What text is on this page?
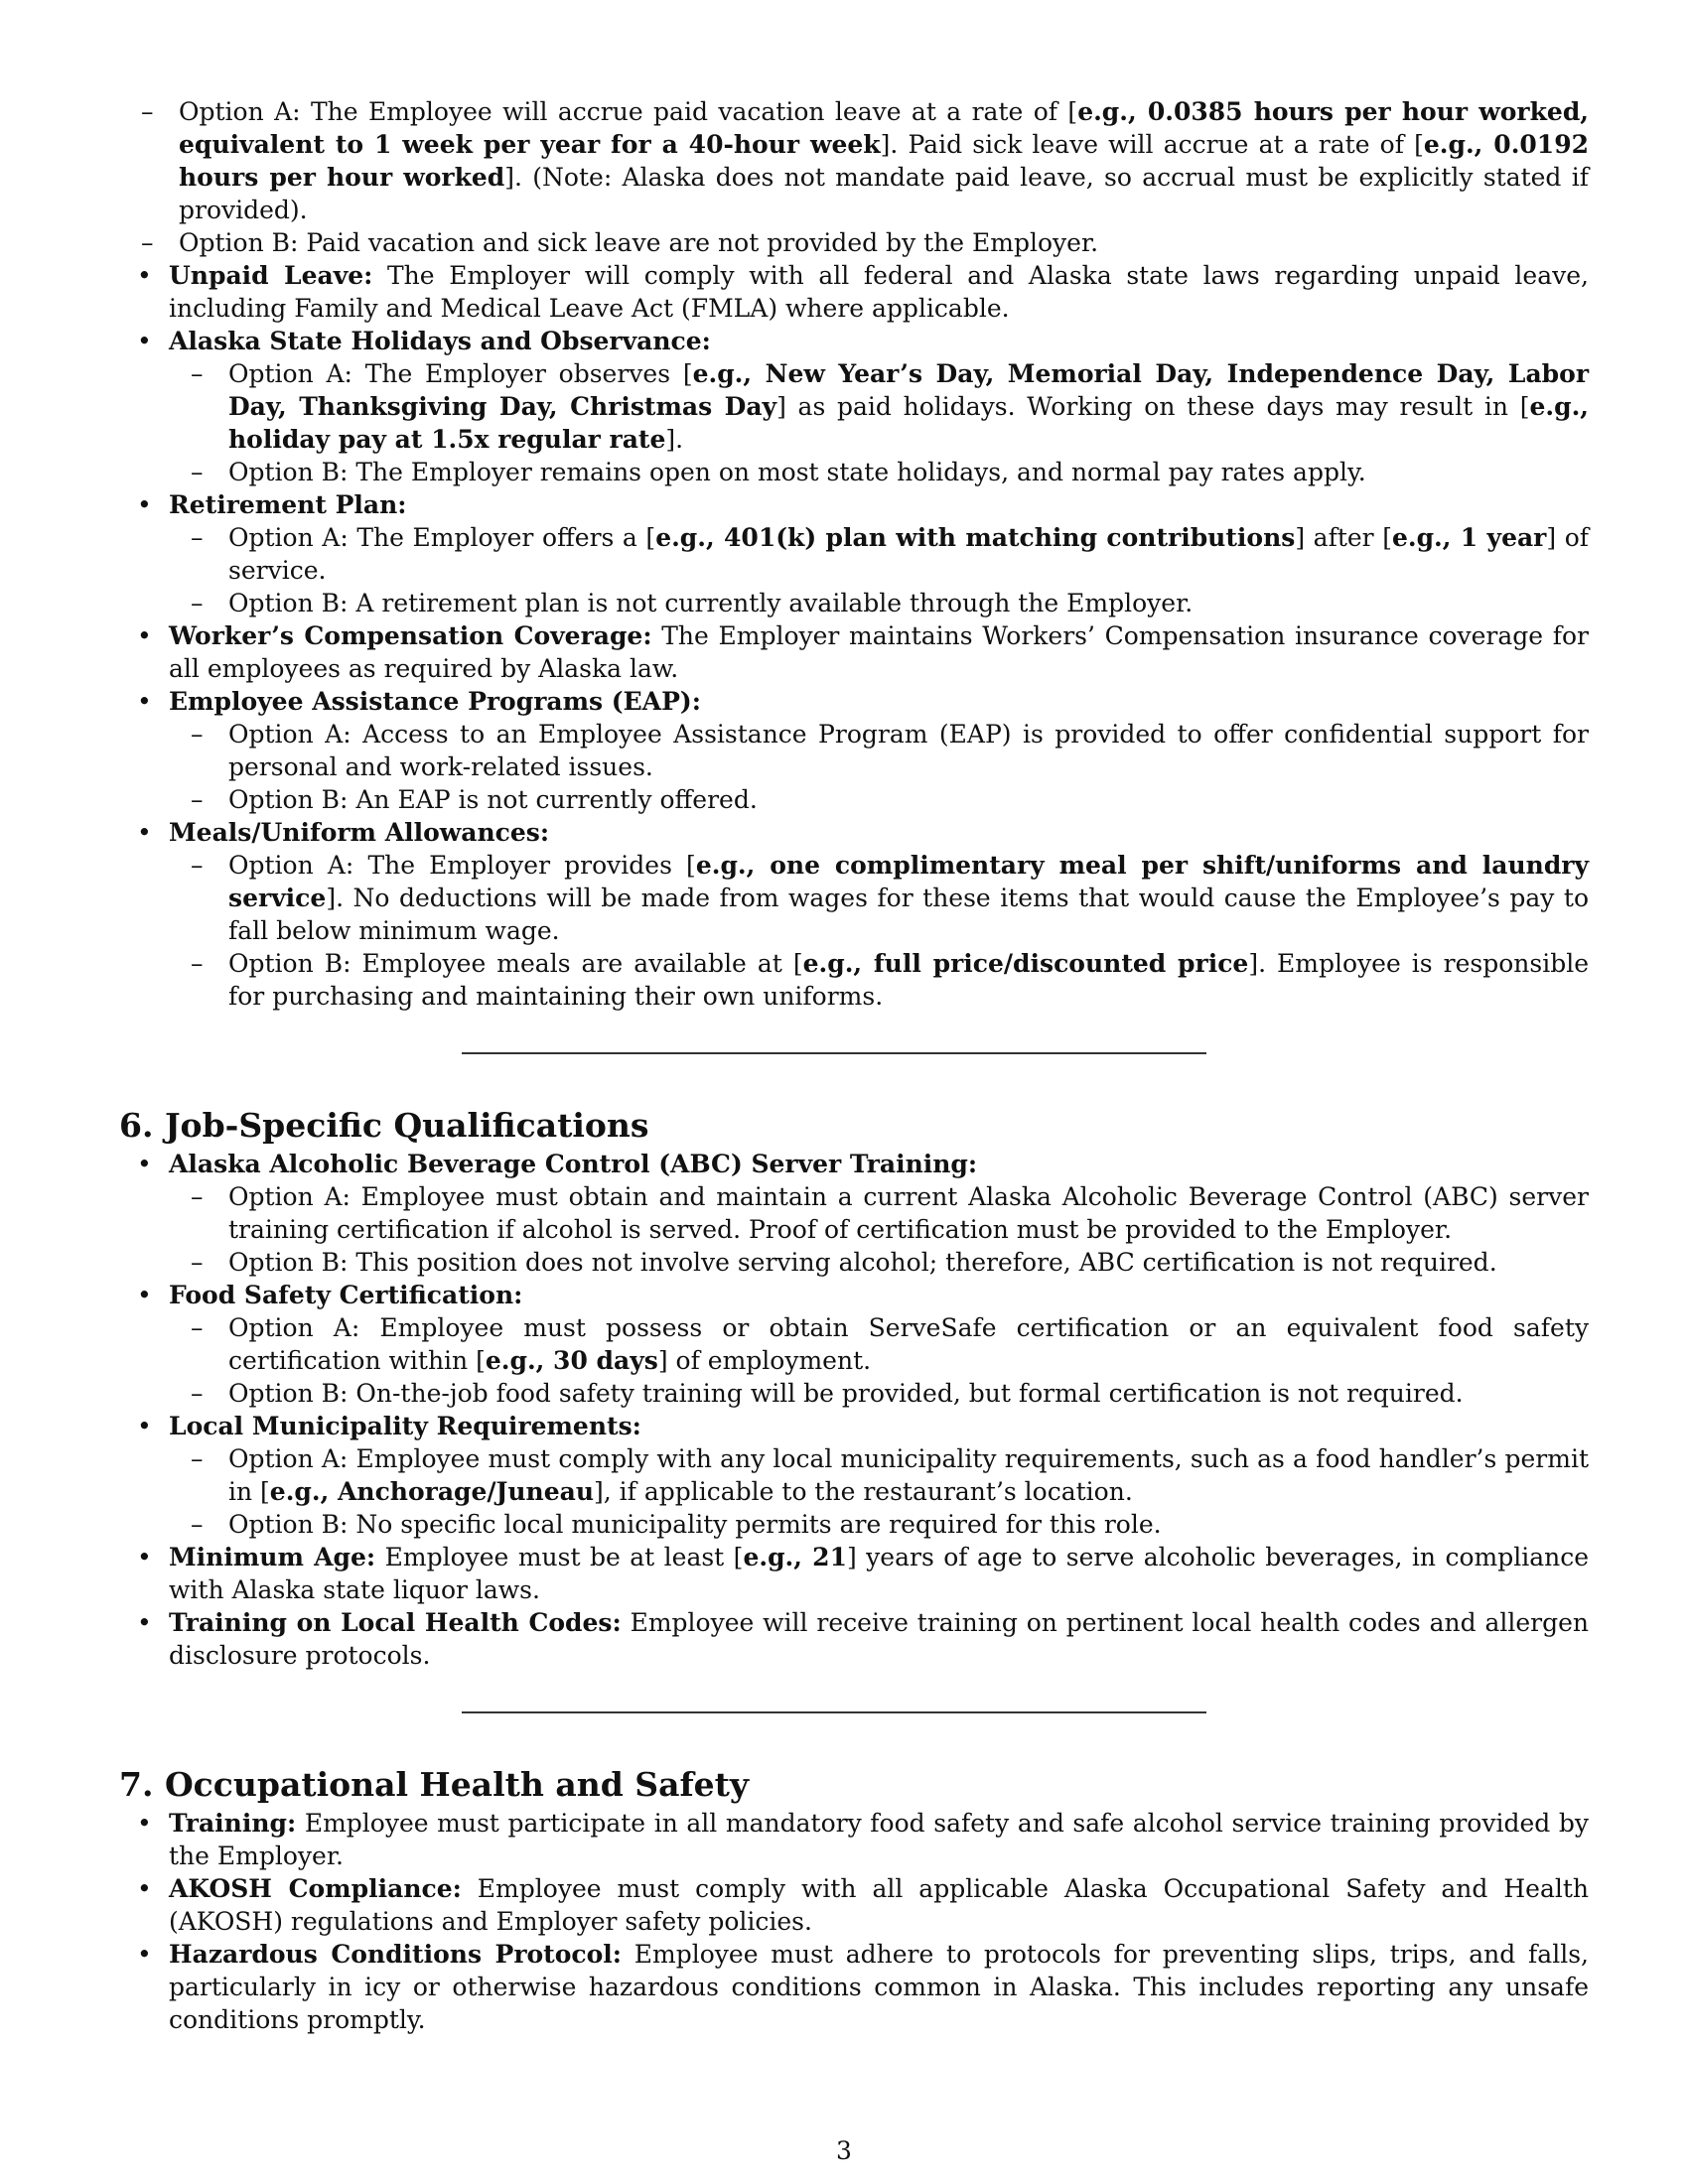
– Option A: The Employee will accrue paid vacation leave at a rate of [e.g., 0.0385 hours per hour worked, equivalent to 1 week per year for a 40-hour week]. Paid sick leave will accrue at a rate of [e.g., 0.0192 hours per hour worked]. (Note: Alaska does not mandate paid leave, so accrual must be explicitly stated if provided).
– Option B: Paid vacation and sick leave are not provided by the Employer.
• Unpaid Leave: The Employer will comply with all federal and Alaska state laws regarding unpaid leave, including Family and Medical Leave Act (FMLA) where applicable.
• Alaska State Holidays and Observance:
– Option A: The Employer observes [e.g., New Year’s Day, Memorial Day, Independence Day, Labor Day, Thanksgiving Day, Christmas Day] as paid holidays. Working on these days may result in [e.g., holiday pay at 1.5x regular rate].
– Option B: The Employer remains open on most state holidays, and normal pay rates apply.
• Retirement Plan:
– Option A: The Employer offers a [e.g., 401(k) plan with matching contributions] after [e.g., 1 year] of service.
– Option B: A retirement plan is not currently available through the Employer.
• Worker’s Compensation Coverage: The Employer maintains Workers’ Compensation insurance coverage for all employees as required by Alaska law.
• Employee Assistance Programs (EAP):
– Option A: Access to an Employee Assistance Program (EAP) is provided to offer confidential support for personal and work-related issues.
– Option B: An EAP is not currently offered.
• Meals/Uniform Allowances:
– Option A: The Employer provides [e.g., one complimentary meal per shift/uniforms and laundry service]. No deductions will be made from wages for these items that would cause the Employee’s pay to fall below minimum wage.
– Option B: Employee meals are available at [e.g., full price/discounted price]. Employee is responsible for purchasing and maintaining their own uniforms.
6. Job-Specific Qualifications
• Alaska Alcoholic Beverage Control (ABC) Server Training:
– Option A: Employee must obtain and maintain a current Alaska Alcoholic Beverage Control (ABC) server training certification if alcohol is served. Proof of certification must be provided to the Employer.
– Option B: This position does not involve serving alcohol; therefore, ABC certification is not required.
• Food Safety Certification:
– Option A: Employee must possess or obtain ServeSafe certification or an equivalent food safety certification within [e.g., 30 days] of employment.
– Option B: On-the-job food safety training will be provided, but formal certification is not required.
• Local Municipality Requirements:
– Option A: Employee must comply with any local municipality requirements, such as a food handler’s permit in [e.g., Anchorage/Juneau], if applicable to the restaurant’s location.
– Option B: No specific local municipality permits are required for this role.
• Minimum Age: Employee must be at least [e.g., 21] years of age to serve alcoholic beverages, in compliance with Alaska state liquor laws.
• Training on Local Health Codes: Employee will receive training on pertinent local health codes and allergen disclosure protocols.
7. Occupational Health and Safety
• Training: Employee must participate in all mandatory food safety and safe alcohol service training provided by the Employer.
• AKOSH Compliance: Employee must comply with all applicable Alaska Occupational Safety and Health (AKOSH) regulations and Employer safety policies.
• Hazardous Conditions Protocol: Employee must adhere to protocols for preventing slips, trips, and falls, particularly in icy or otherwise hazardous conditions common in Alaska. This includes reporting any unsafe conditions promptly.
3
